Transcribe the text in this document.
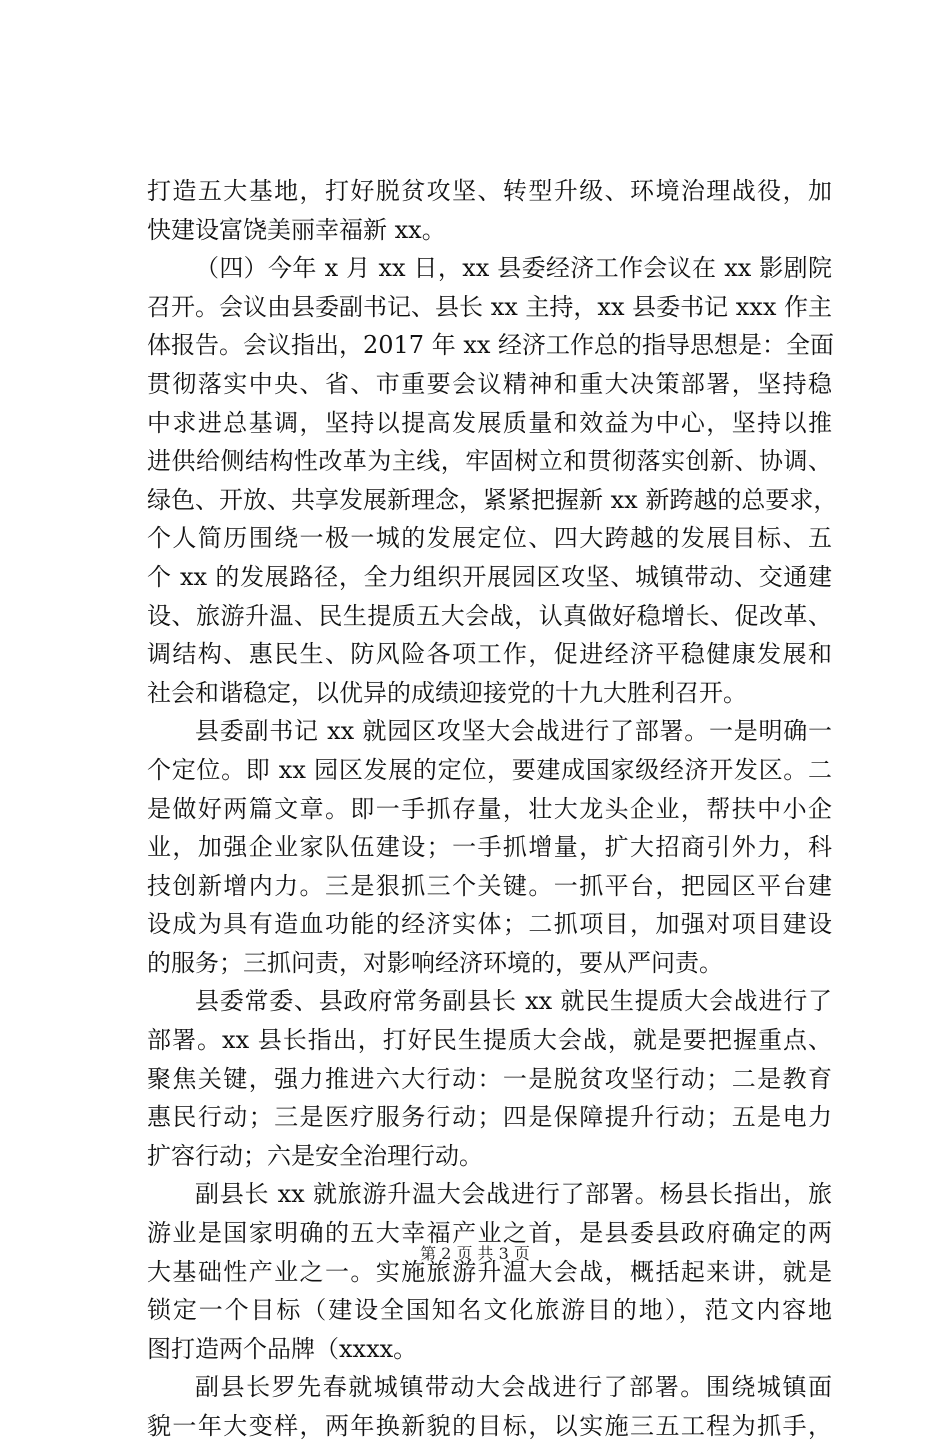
打造五大基地，打好脱贫攻坚、转型升级、环境治理战役，加
快建设富饶美丽幸福新 xx。
（四）今年 x 月 xx 日，xx 县委经济工作会议在 xx 影剧院
召开。会议由县委副书记、县长 xx 主持，xx 县委书记 xxx 作主
体报告。会议指出，2017 年 xx 经济工作总的指导思想是：全面
贯彻落实中央、省、市重要会议精神和重大决策部署，坚持稳
中求进总基调，坚持以提高发展质量和效益为中心，坚持以推
进供给侧结构性改革为主线，牢固树立和贯彻落实创新、协调、
绿色、开放、共享发展新理念，紧紧把握新 xx 新跨越的总要求，
个人简历围绕一极一城的发展定位、四大跨越的发展目标、五
个 xx 的发展路径，全力组织开展园区攻坚、城镇带动、交通建
设、旅游升温、民生提质五大会战，认真做好稳增长、促改革、
调结构、惠民生、防风险各项工作，促进经济平稳健康发展和
社会和谐稳定，以优异的成绩迎接党的十九大胜利召开。
县委副书记 xx 就园区攻坚大会战进行了部署。一是明确一
个定位。即 xx 园区发展的定位，要建成国家级经济开发区。二
是做好两篇文章。即一手抓存量，壮大龙头企业，帮扶中小企
业，加强企业家队伍建设；一手抓增量，扩大招商引外力，科
技创新增内力。三是狠抓三个关键。一抓平台，把园区平台建
设成为具有造血功能的经济实体；二抓项目，加强对项目建设
的服务；三抓问责，对影响经济环境的，要从严问责。
县委常委、县政府常务副县长 xx 就民生提质大会战进行了
部署。xx 县长指出，打好民生提质大会战，就是要把握重点、
聚焦关键，强力推进六大行动：一是脱贫攻坚行动；二是教育
惠民行动；三是医疗服务行动；四是保障提升行动；五是电力
扩容行动；六是安全治理行动。
副县长 xx 就旅游升温大会战进行了部署。杨县长指出，旅
游业是国家明确的五大幸福产业之首，是县委县政府确定的两
大基础性产业之一。实施旅游升温大会战，概括起来讲，就是
锁定一个目标（建设全国知名文化旅游目的地），范文内容地
图打造两个品牌（xxxx。
副县长罗先春就城镇带动大会战进行了部署。围绕城镇面
貌一年大变样，两年换新貌的目标，以实施三五工程为抓手，
第 2 页 共 3 页
